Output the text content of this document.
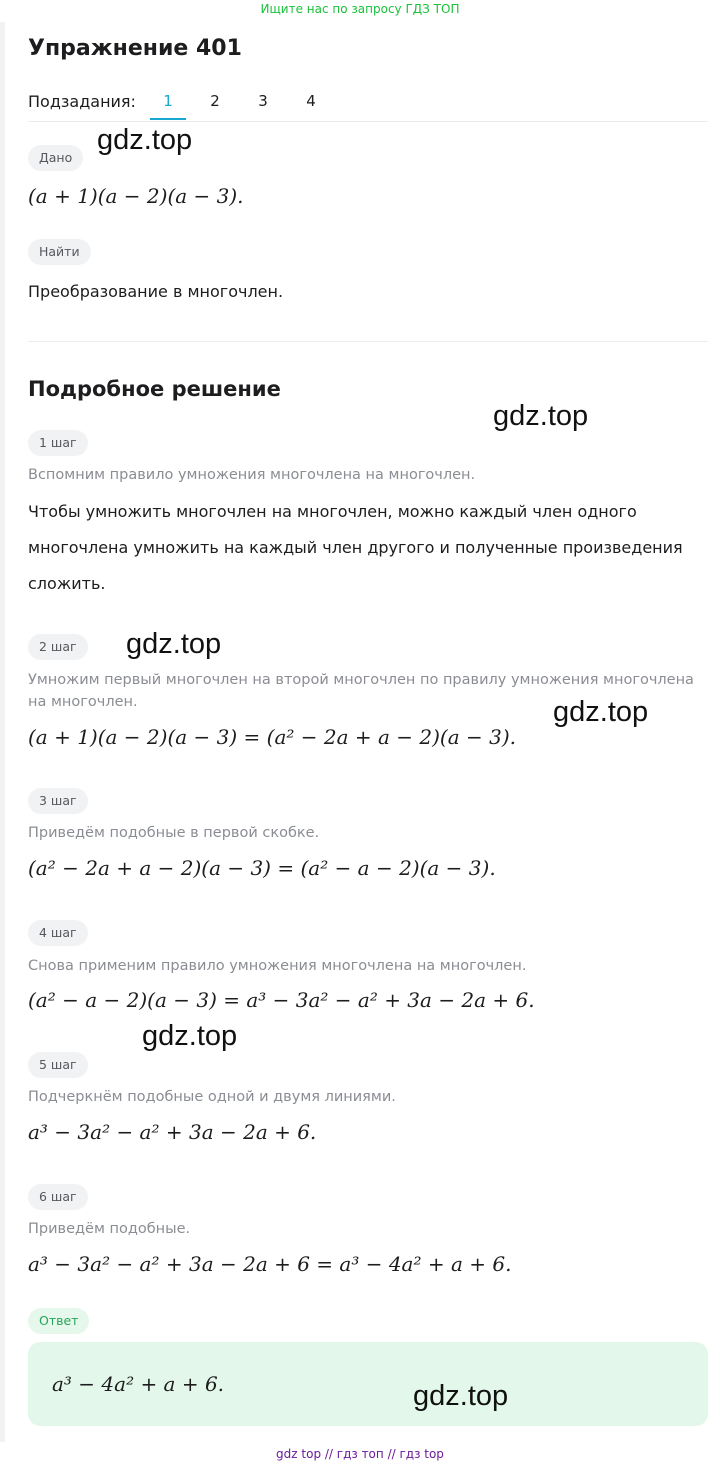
Ищите нас по запросу ГДЗ ТОП
Упражнение 401
Подзадания:	1	2	3	4
Дано
(a + 1)(a − 2)(a − 3).
Найти
Преобразование в многочлен.
Подробное решение
1 шаг
Вспомним правило умножения многочлена на многочлен.
Чтобы умножить многочлен на многочлен, можно каждый член одного многочлена умножить на каждый член другого и полученные произведения сложить.
2 шаг
Умножим первый многочлен на второй многочлен по правилу умножения многочлена на многочлен.
(a + 1)(a − 2)(a − 3) = (a² − 2a + a − 2)(a − 3).
3 шаг
Приведём подобные в первой скобке.
(a² − 2a + a − 2)(a − 3) = (a² − a − 2)(a − 3).
4 шаг
Снова применим правило умножения многочлена на многочлен.
(a² − a − 2)(a − 3) = a³ − 3a² − a² + 3a − 2a + 6.
5 шаг
Подчеркнём подобные одной и двумя линиями.
a³ − 3a² − a² + 3a − 2a + 6.
6 шаг
Приведём подобные.
a³ − 3a² − a² + 3a − 2a + 6 = a³ − 4a² + a + 6.
Ответ
a³ − 4a² + a + 6.
gdz.top
gdz.top
gdz.top
gdz.top
gdz.top
gdz.top
gdz top // гдз топ // гдз top
